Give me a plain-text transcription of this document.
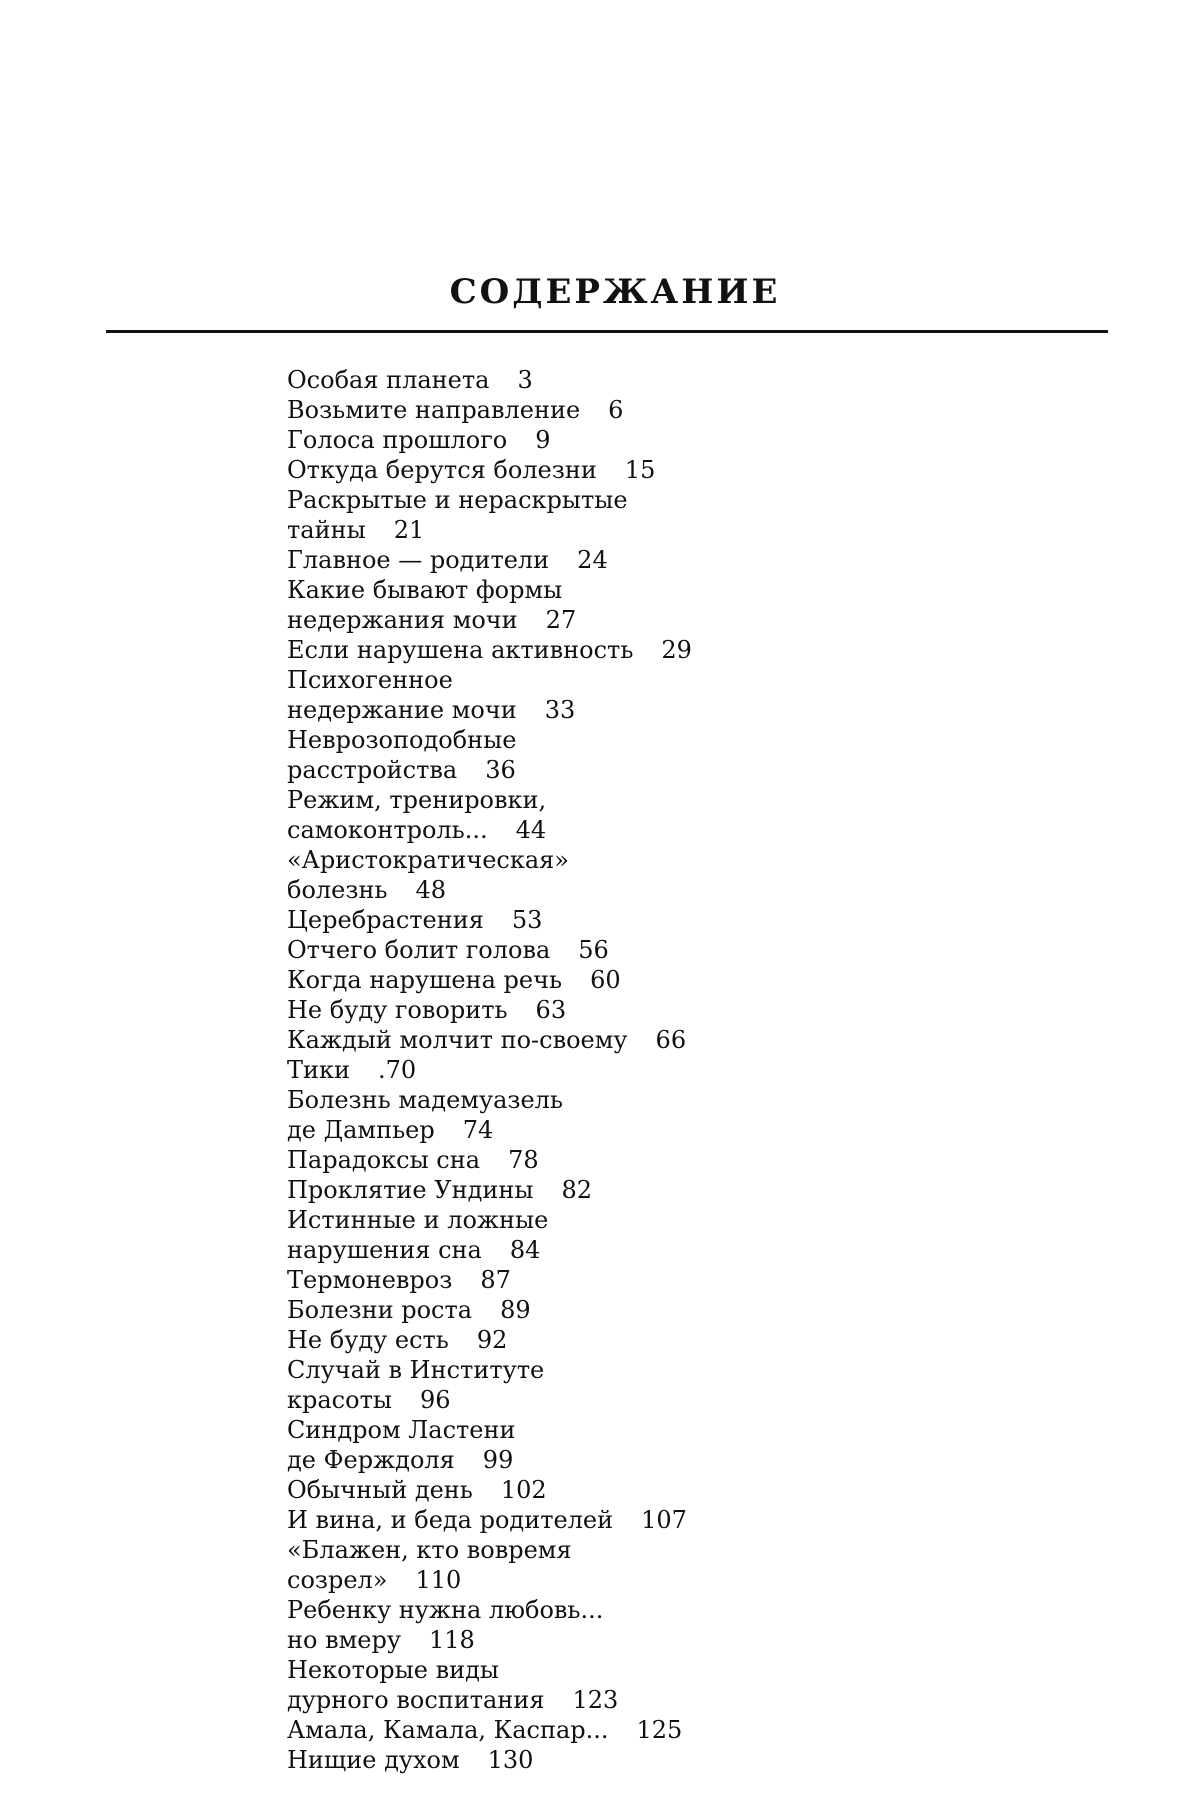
СОДЕРЖАНИЕ
Особая планета 3
Возьмите направление 6
Голоса прошлого 9
Откуда берутся болезни 15
Раскрытые и нераскрытые
тайны 21
Главное — родители 24
Какие бывают формы
недержания мочи 27
Если нарушена активность 29
Психогенное
недержание мочи 33
Неврозоподобные
расстройства 36
Режим, тренировки,
самоконтроль... 44
«Аристократическая»
болезнь 48
Церебрастения 53
Отчего болит голова 56
Когда нарушена речь 60
Не буду говорить 63
Каждый молчит по-своему 66
Тики .70
Болезнь мадемуазель
де Дампьер 74
Парадоксы сна 78
Проклятие Ундины 82
Истинные и ложные
нарушения сна 84
Термоневроз 87
Болезни роста 89
Не буду есть 92
Случай в Институте
красоты 96
Синдром Ластени
де Ферждоля 99
Обычный день 102
И вина, и беда родителей 107
«Блажен, кто вовремя
созрел» 110
Ребенку нужна любовь...
но вмеру 118
Некоторые виды
дурного воспитания 123
Амала, Камала, Каспар... 125
Нищие духом 130
